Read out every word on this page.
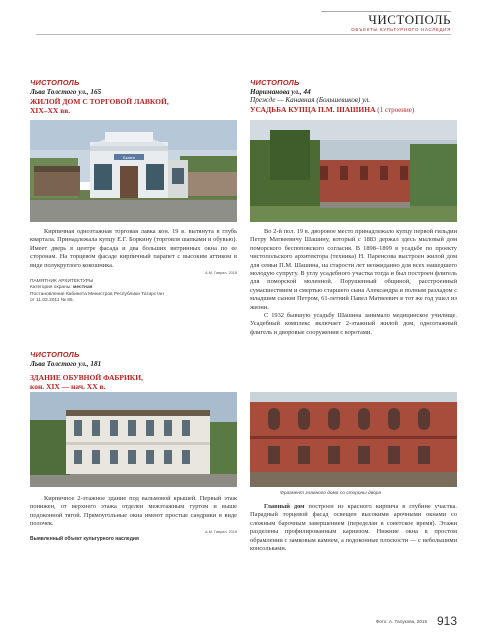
ЧИСТОПОЛЬ
ОБЪЕКТЫ КУЛЬТУРНОГО НАСЛЕДИЯ
ЧИСТОПОЛЬ
Льва Толстого ул., 165
ЖИЛОЙ ДОМ С ТОРГОВОЙ ЛАВКОЙ,
XIX–XX вв.
Бьюти

Кирпичная одноэтажная торговая лавка кон. 19 в. вытянута в глубь квартала. Принадлежала купцу Е.Г. Боркину (торговля шапками и обувью). Имеет дверь в центре фасада и два больших витринных окна по ее сторонам. На торцевом фасаде кирпичный парапет с высоким аттиком в виде полукруглого кокошника.

А.М. Гаврил, 2018
ПАМЯТНИК АРХИТЕКТУРЫ
Категория охраны: местная
Постановление Кабинета Министров Республики Татарстан
от 11.02.2011 № 85.
ЧИСТОПОЛЬ
Льва Толстого ул., 181
ЗДАНИЕ ОБУВНОЙ ФАБРИКИ,
кон. XIX — нач. XX в.

Кирпичное 2-этажное здание под вальмовой крышей. Первый этаж понижен, от верхнего этажа отделен межэтажным гуртом и выше подоконной тягой. Прямоугольные окна имеют простые сандрики в виде полочек.

А.М. Гаврил, 2018
Выявленный объект культурного наследия
ЧИСТОПОЛЬ
Нариманова ул., 44
Прежде — Канавная (Большевиков) ул.
УСАДЬБА КУПЦА П.М. ШАШИНА (1 строение)

Во 2-й пол. 19 в. дворовое место принадлежало купцу первой гильдии Петру Матвеевичу Шашину, который с 1883 держал здесь мыловый дом поморского беспоповского согласия. В 1898–1899 в усадьбе по проекту чистопольского архитектора (техника) Н. Паренсова выстроен жилой дом для семьи П.М. Шашина, на старости лет неожиданно для всех нашедшего молодую супругу. В углу усадебного участка тогда и был построен флигель для поморской моленной. Порушенный общиной, расстроенный сумасшествием и смертью старшего сына Александра и полным разладом с младшим сыном Петром, 61-летний Павел Матвеевич в тот же год ушел из жизни.

С 1932 бывшую усадьбу Шашина занимало медицинское училище. Усадебный комплекс включает 2-этажный жилой дом, одноэтажный флигель и дворовые сооружения с воротами.

Фрагмент главного дома со стороны двора

Главный дом построен из красного кирпича в глубине участка. Парадный торцевой фасад освещен высокими арочными окнами со сложным барочным завершением (переделан в советское время). Этажи разделены профилированным карнизом. Нижние окна в простом обрамлении с замковым камнем, а подоконные плоскости — с небольшими консольками.

Фото: А. Талукова, 2015 913
